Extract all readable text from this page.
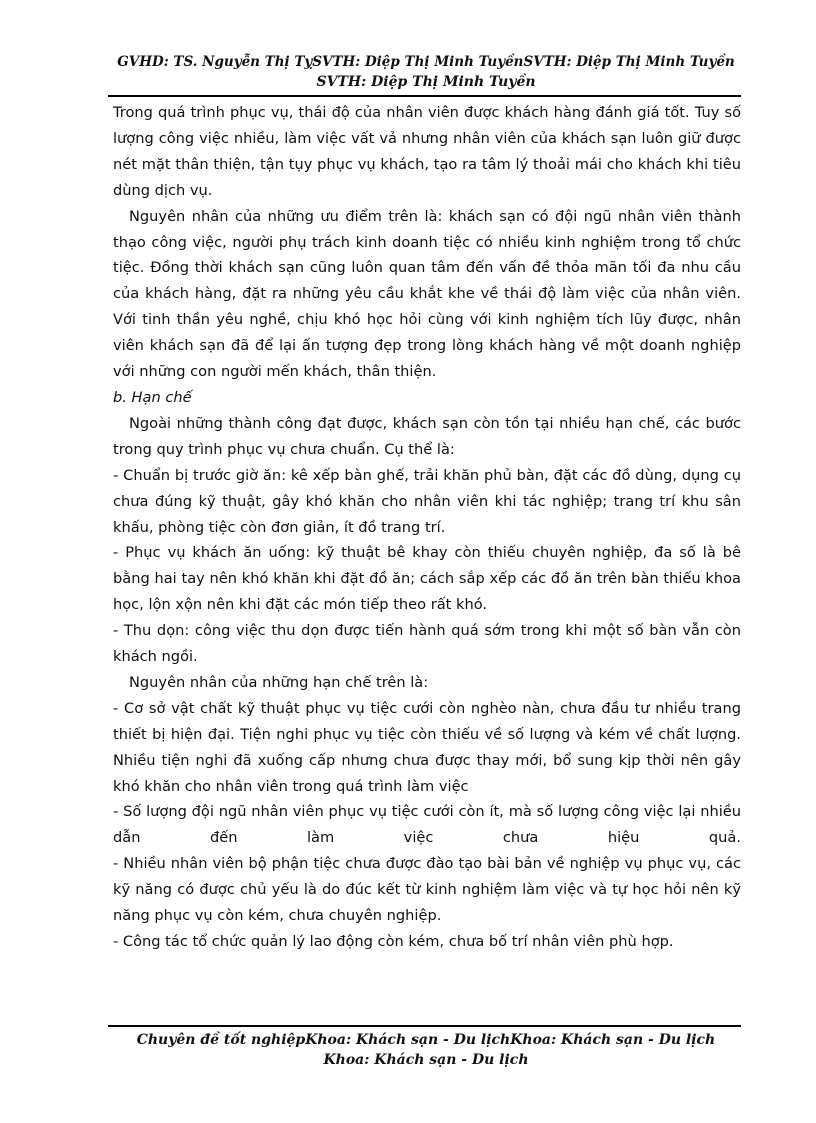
GVHD: TS. Nguyễn Thị TỵSVTH: Diệp Thị Minh TuyềnSVTH: Diệp Thị Minh Tuyền
SVTH: Diệp Thị Minh Tuyền

Trong quá trình phục vụ, thái độ của nhân viên được khách hàng đánh giá tốt. Tuy số lượng công việc nhiều, làm việc vất vả nhưng nhân viên của khách sạn luôn giữ được nét mặt thân thiện, tận tụy phục vụ khách, tạo ra tâm lý thoải mái cho khách khi tiêu dùng dịch vụ.

Nguyên nhân của những ưu điểm trên là: khách sạn có đội ngũ nhân viên thành thạo công việc, người phụ trách kinh doanh tiệc có nhiều kinh nghiệm trong tổ chức tiệc. Đồng thời khách sạn cũng luôn quan tâm đến vấn đề thỏa mãn tối đa nhu cầu của khách hàng, đặt ra những yêu cầu khắt khe về thái độ làm việc của nhân viên. Với tinh thần yêu nghề, chịu khó học hỏi cùng với kinh nghiệm tích lũy được, nhân viên khách sạn đã để lại ấn tượng đẹp trong lòng khách hàng về một doanh nghiệp với những con người mến khách, thân thiện.

b. Hạn chế

Ngoài những thành công đạt được, khách sạn còn tồn tại nhiều hạn chế, các bước trong quy trình phục vụ chưa chuẩn. Cụ thể là:

- Chuẩn bị trước giờ ăn: kê xếp bàn ghế, trải khăn phủ bàn, đặt các đồ dùng, dụng cụ chưa đúng kỹ thuật, gây khó khăn cho nhân viên khi tác nghiệp; trang trí khu sân khấu, phòng tiệc còn đơn giản, ít đồ trang trí.

- Phục vụ khách ăn uống: kỹ thuật bê khay còn thiếu chuyên nghiệp, đa số là bê bằng hai tay nên khó khăn khi đặt đồ ăn; cách sắp xếp các đồ ăn trên bàn thiếu khoa học, lộn xộn nên khi đặt các món tiếp theo rất khó.

- Thu dọn: công việc thu dọn được tiến hành quá sớm trong khi một số bàn vẫn còn khách ngồi.

Nguyên nhân của những hạn chế trên là:

- Cơ sở vật chất kỹ thuật phục vụ tiệc cưới còn nghèo nàn, chưa đầu tư nhiều trang thiết bị hiện đại. Tiện nghi phục vụ tiệc còn thiếu về số lượng và kém về chất lượng. Nhiều tiện nghi đã xuống cấp nhưng chưa được thay mới, bổ sung kịp thời nên gây khó khăn cho nhân viên trong quá trình làm việc

- Số lượng đội ngũ nhân viên phục vụ tiệc cưới còn ít, mà số lượng công việc lại nhiều dẫn đến làm việc chưa hiệu quả.

- Nhiều nhân viên bộ phận tiệc chưa được đào tạo bài bản về nghiệp vụ phục vụ, các kỹ năng có được chủ yếu là do đúc kết từ kinh nghiệm làm việc và tự học hỏi nên kỹ năng phục vụ còn kém, chưa chuyên nghiệp.

- Công tác tổ chức quản lý lao động còn kém, chưa bố trí nhân viên phù hợp.

Chuyên đề tốt nghiệpKhoa: Khách sạn - Du lịchKhoa: Khách sạn - Du lịch
Khoa: Khách sạn - Du lịch
